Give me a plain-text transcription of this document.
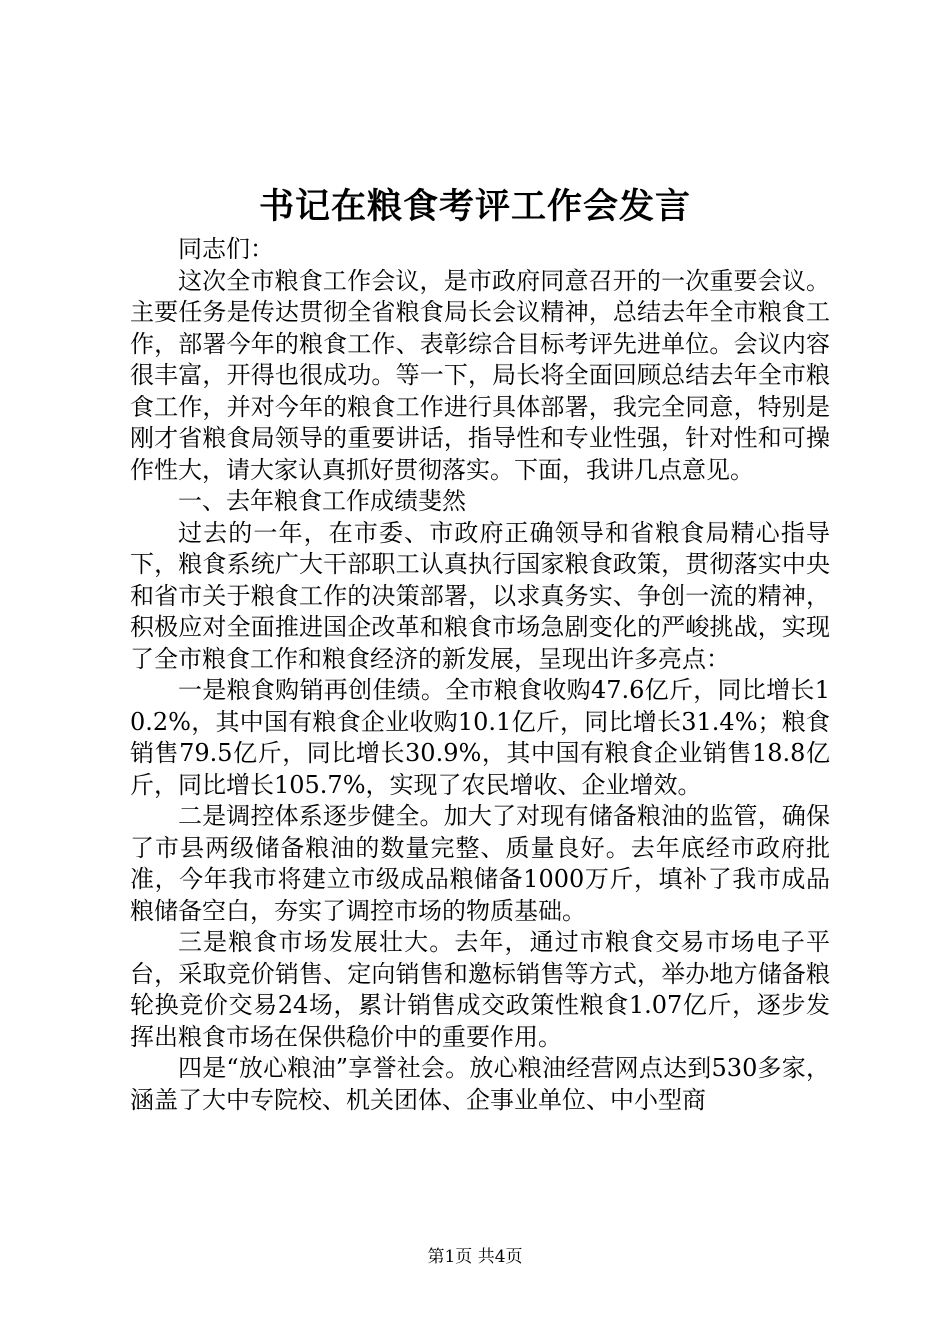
书记在粮食考评工作会发言

同志们：

这次全市粮食工作会议，是市政府同意召开的一次重要会议。主要任务是传达贯彻全省粮食局长会议精神，总结去年全市粮食工作，部署今年的粮食工作、表彰综合目标考评先进单位。会议内容很丰富，开得也很成功。等一下，局长将全面回顾总结去年全市粮食工作，并对今年的粮食工作进行具体部署，我完全同意，特别是刚才省粮食局领导的重要讲话，指导性和专业性强，针对性和可操作性大，请大家认真抓好贯彻落实。下面，我讲几点意见。

一、去年粮食工作成绩斐然

过去的一年，在市委、市政府正确领导和省粮食局精心指导下，粮食系统广大干部职工认真执行国家粮食政策，贯彻落实中央和省市关于粮食工作的决策部署，以求真务实、争创一流的精神，积极应对全面推进国企改革和粮食市场急剧变化的严峻挑战，实现了全市粮食工作和粮食经济的新发展，呈现出许多亮点：

一是粮食购销再创佳绩。全市粮食收购47.6亿斤，同比增长10.2%，其中国有粮食企业收购10.1亿斤，同比增长31.4%；粮食销售79.5亿斤，同比增长30.9%，其中国有粮食企业销售18.8亿斤，同比增长105.7%，实现了农民增收、企业增效。

二是调控体系逐步健全。加大了对现有储备粮油的监管，确保了市县两级储备粮油的数量完整、质量良好。去年底经市政府批准，今年我市将建立市级成品粮储备1000万斤，填补了我市成品粮储备空白，夯实了调控市场的物质基础。

三是粮食市场发展壮大。去年，通过市粮食交易市场电子平台，采取竞价销售、定向销售和邀标销售等方式，举办地方储备粮轮换竞价交易24场，累计销售成交政策性粮食1.07亿斤，逐步发挥出粮食市场在保供稳价中的重要作用。

四是“放心粮油”享誉社会。放心粮油经营网点达到530多家，涵盖了大中专院校、机关团体、企事业单位、中小型商

第1页 共4页
